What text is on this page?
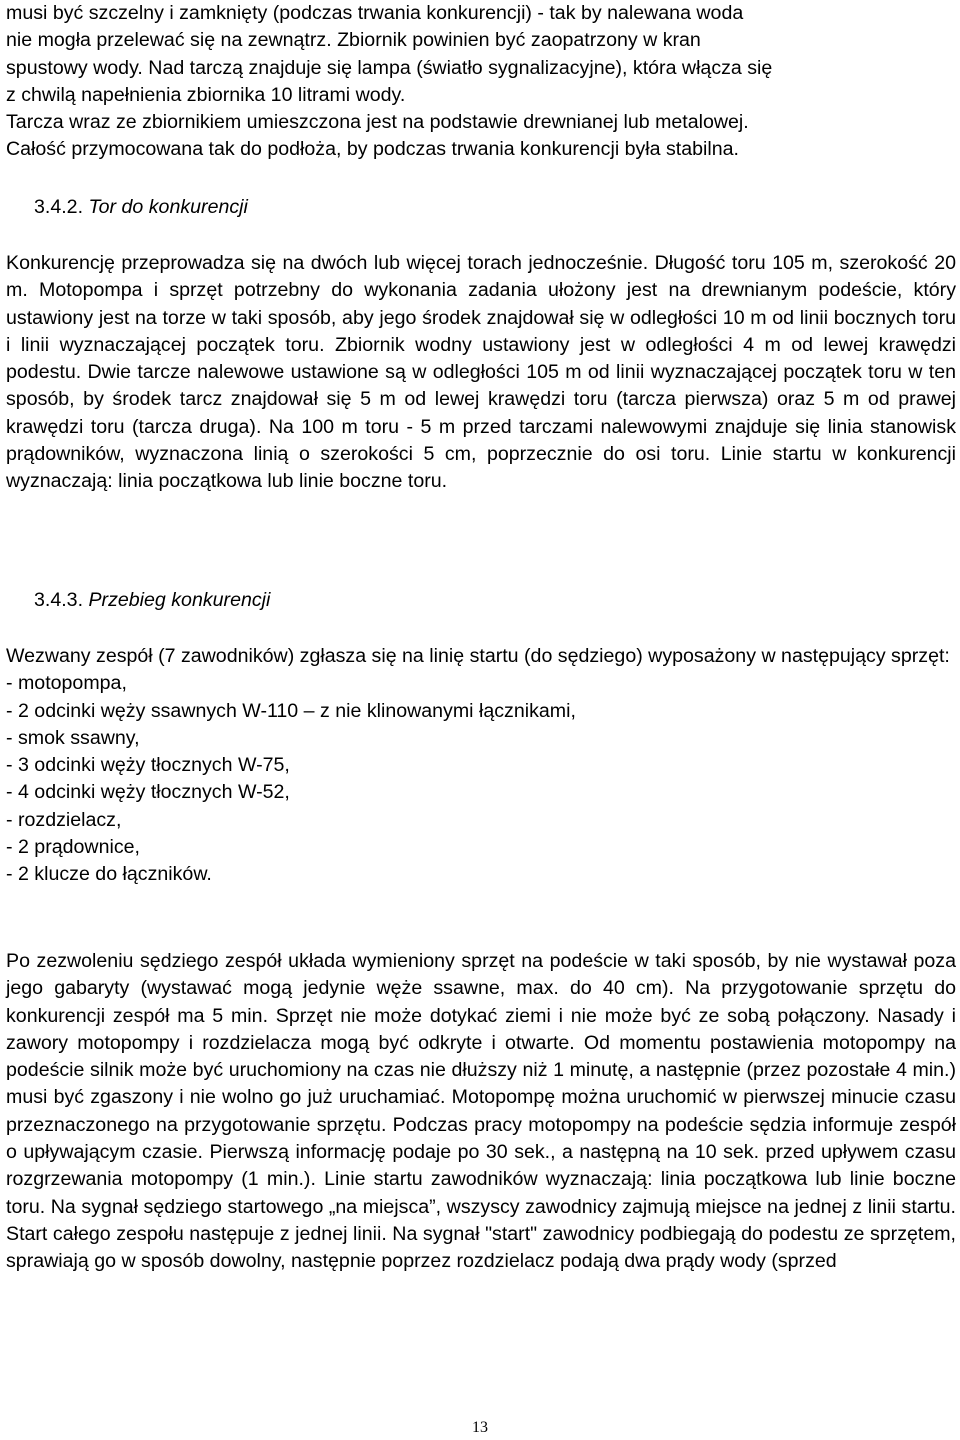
musi być szczelny i zamknięty (podczas trwania konkurencji) - tak by nalewana woda
nie mogła przelewać się na zewnątrz. Zbiornik powinien być zaopatrzony w kran
spustowy wody. Nad tarczą znajduje się lampa (światło sygnalizacyjne), która włącza się
z chwilą napełnienia zbiornika 10 litrami wody.
Tarcza wraz ze zbiornikiem umieszczona jest na podstawie drewnianej lub metalowej.
Całość przymocowana tak do podłoża, by podczas trwania konkurencji była stabilna.
3.4.2. Tor do konkurencji

Konkurencję przeprowadza się na dwóch lub więcej torach jednocześnie. Długość toru 105 m, szerokość 20 m. Motopompa i sprzęt potrzebny do wykonania zadania ułożony jest na drewnianym podeście, który ustawiony jest na torze w taki sposób, aby jego środek znajdował się w odległości 10 m od linii bocznych toru i linii wyznaczającej początek toru. Zbiornik wodny ustawiony jest w odległości 4 m od lewej krawędzi podestu. Dwie tarcze nalewowe ustawione są w odległości 105 m od linii wyznaczającej początek toru w ten sposób, by środek tarcz znajdował się 5 m od lewej krawędzi toru (tarcza pierwsza) oraz 5 m od prawej krawędzi toru (tarcza druga). Na 100 m toru - 5 m przed tarczami nalewowymi znajduje się linia stanowisk prądowników, wyznaczona linią o szerokości 5 cm, poprzecznie do osi toru. Linie startu w konkurencji wyznaczają: linia początkowa lub linie boczne toru.

3.4.3. Przebieg konkurencji

Wezwany zespół (7 zawodników) zgłasza się na linię startu (do sędziego) wyposażony w następujący sprzęt:

- motopompa,
- 2 odcinki węży ssawnych W-110 – z nie klinowanymi łącznikami,
- smok ssawny,
- 3 odcinki węży tłocznych W-75,
- 4 odcinki węży tłocznych W-52,
- rozdzielacz,
- 2 prądownice,
- 2 klucze do łączników.

Po zezwoleniu sędziego zespół układa wymieniony sprzęt na podeście w taki sposób, by nie wystawał poza jego gabaryty (wystawać mogą jedynie węże ssawne, max. do 40 cm). Na przygotowanie sprzętu do konkurencji zespół ma 5 min. Sprzęt nie może dotykać ziemi i nie może być ze sobą połączony. Nasady i zawory motopompy i rozdzielacza mogą być odkryte i otwarte. Od momentu postawienia motopompy na podeście silnik może być uruchomiony na czas nie dłuższy niż 1 minutę, a następnie (przez pozostałe 4 min.) musi być zgaszony i nie wolno go już uruchamiać. Motopompę można uruchomić w pierwszej minucie czasu przeznaczonego na przygotowanie sprzętu. Podczas pracy motopompy na podeście sędzia informuje zespół o upływającym czasie. Pierwszą informację podaje po 30 sek., a następną na 10 sek. przed upływem czasu rozgrzewania motopompy (1 min.). Linie startu zawodników wyznaczają: linia początkowa lub linie boczne toru. Na sygnał sędziego startowego „na miejsca”, wszyscy zawodnicy zajmują miejsce na jednej z linii startu. Start całego zespołu następuje z jednej linii. Na sygnał "start" zawodnicy podbiegają do podestu ze sprzętem, sprawiają go w sposób dowolny, następnie poprzez rozdzielacz podają dwa prądy wody (sprzed

13
